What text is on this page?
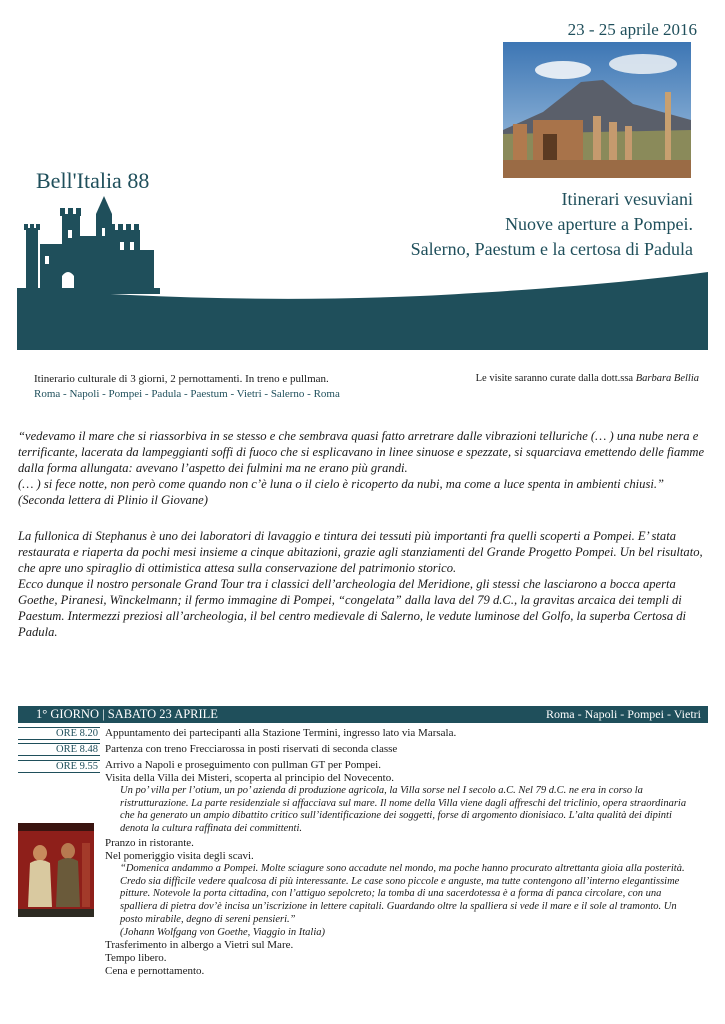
23 - 25 aprile 2016
Bell'Italia 88
Itinerari vesuviani
Nuove aperture a Pompei.
Salerno, Paestum e la certosa di Padula
PROGRAMMA DI VIAGGIO	PRENOTAZIONI ENTRO IL 18 MARZO
Itinerario culturale di 3 giorni, 2 pernottamenti. In treno e pullman.
Roma - Napoli - Pompei - Padula - Paestum - Vietri - Salerno - Roma
Le visite saranno curate dalla dott.ssa Barbara Bellia
“vedevamo il mare che si riassorbiva in se stesso e che sembrava quasi fatto arretrare dalle vibrazioni telluriche (… ) una nube nera e terrificante, lacerata da lampeggianti soffi di fuoco che si esplicavano in linee sinuose e spezzate, si squarciava emettendo delle fiamme dalla forma allungata: avevano l’aspetto dei fulmini ma ne erano più grandi.
(… ) si fece notte, non però come quando non c’è luna o il cielo è ricoperto da nubi, ma come a luce spenta in ambienti chiusi.” (Seconda lettera di Plinio il Giovane)
La fullonica di Stephanus è uno dei laboratori di lavaggio e tintura dei tessuti più importanti fra quelli scoperti a Pompei. E’ stata restaurata e riaperta da pochi mesi insieme a cinque abitazioni, grazie agli stanziamenti del Grande Progetto Pompei. Un bel risultato, che apre uno spiraglio di ottimistica attesa sulla conservazione del patrimonio storico.
Ecco dunque il nostro personale Grand Tour tra i classici dell’archeologia del Meridione, gli stessi che lasciarono a bocca aperta Goethe, Piranesi, Winckelmann; il fermo immagine di Pompei, “congelata” dalla lava del 79 d.C., la gravitas arcaica dei templi di Paestum. Intermezzi preziosi all’archeologia, il bel centro medievale di Salerno, le vedute luminose del Golfo, la superba Certosa di Padula.
1° GIORNO | SABATO 23 APRILE	Roma - Napoli - Pompei - Vietri
ORE 8.20 Appuntamento dei partecipanti alla Stazione Termini, ingresso lato via Marsala.
ORE 8.48 Partenza con treno Frecciarossa in posti riservati di seconda classe
ORE 9.55 Arrivo a Napoli e proseguimento con pullman GT per Pompei.
Visita della Villa dei Misteri, scoperta al principio del Novecento.
Un po’ villa per l’otium, un po’ azienda di produzione agricola, la Villa sorse nel I secolo a.C. Nel 79 d.C. ne era in corso la ristrutturazione. La parte residenziale si affacciava sul mare. Il nome della Villa viene dagli affreschi del triclinio, opera straordinaria che ha generato un ampio dibattito critico sull’identificazione dei soggetti, forse di argomento dionisiaco. L’alta qualità dei dipinti denota la cultura raffinata dei committenti.
Pranzo in ristorante.
Nel pomeriggio visita degli scavi.
“Domenica andammo a Pompei. Molte sciagure sono accadute nel mondo, ma poche hanno procurato altrettanta gioia alla posterità. Credo sia difficile vedere qualcosa di più interessante. Le case sono piccole e anguste, ma tutte contengono all’interno elegantissime pitture. Notevole la porta cittadina, con l’attiguo sepolcreto; la tomba di una sacerdotessa è a forma di panca circolare, con una spalliera di pietra dov’è incisa un’iscrizione in lettere capitali. Guardando oltre la spalliera si vede il mare e il sole al tramonto. Un posto mirabile, degno di sereni pensieri.”
(Johann Wolfgang von Goethe, Viaggio in Italia)
Trasferimento in albergo a Vietri sul Mare.
Tempo libero.
Cena e pernottamento.
